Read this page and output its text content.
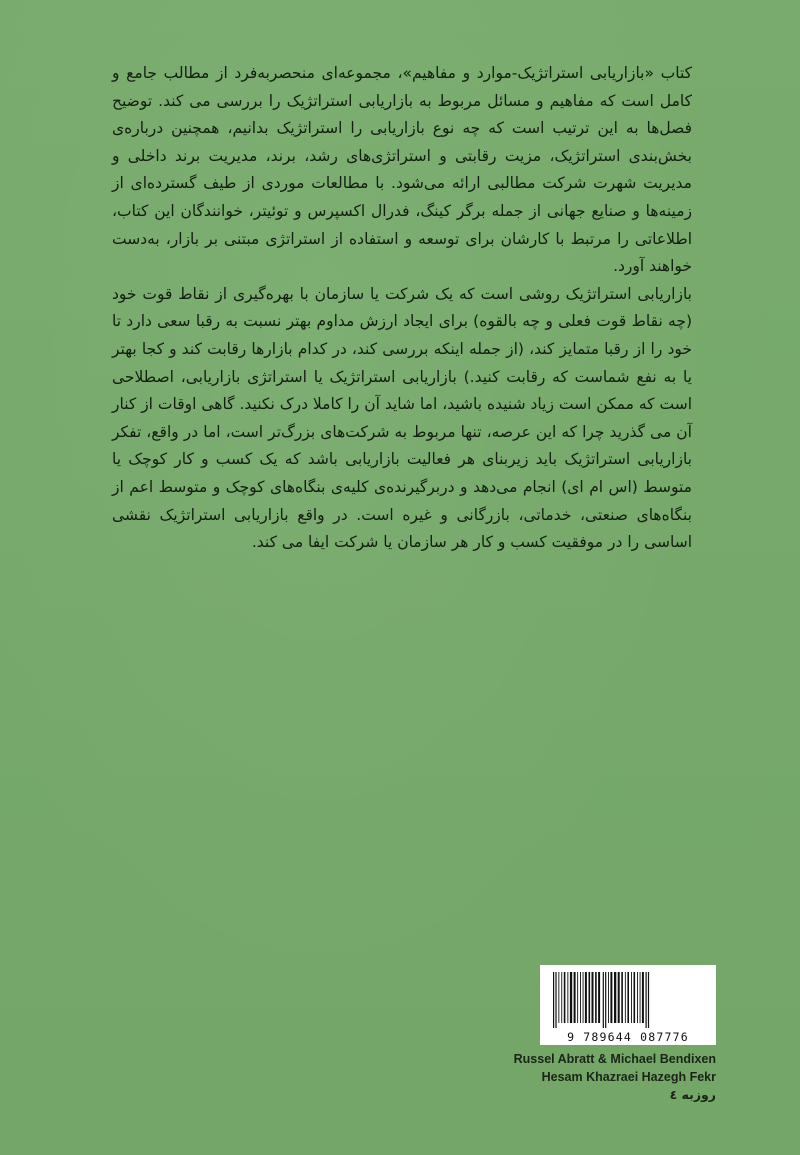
کتاب «بازاریابی استراتژیک-موارد و مفاهیم»، مجموعه‌ای منحصربه‌فرد از مطالب جامع و کامل است که مفاهیم و مسائل مربوط به بازاریابی استراتژیک را بررسی می کند. توضیح فصل‌ها به این ترتیب است که چه نوع بازاریابی را استراتژیک بدانیم، همچنین درباره‌ی بخش‌بندی استراتژیک، مزیت رقابتی و استراتژی‌های رشد، برند، مدیریت برند داخلی و مدیریت شهرت شرکت مطالبی ارائه می‌شود. با مطالعات موردی از طیف گسترده‌ای از زمینه‌ها و صنایع جهانی از جمله برگر کینگ، فدرال اکسپرس و توئیتر، خوانندگان این کتاب، اطلاعاتی را مرتبط با کارشان برای توسعه و استفاده از استراتژی مبتنی بر بازار، به‌دست خواهند آورد.

بازاریابی استراتژیک روشی است که یک شرکت یا سازمان با بهره‌گیری از نقاط قوت خود (چه نقاط قوت فعلی و چه بالقوه) برای ایجاد ارزش مداوم بهتر نسبت به رقبا سعی دارد تا خود را از رقبا متمایز کند، (از جمله اینکه بررسی کند، در کدام بازارها رقابت کند و کجا بهتر یا به نفع شماست که رقابت کنید.) بازاریابی استراتژیک یا استراتژی بازاریابی، اصطلاحی است که ممکن است زیاد شنیده باشید، اما شاید آن را کاملا درک نکنید. گاهی اوقات از کنار آن می گذرید چرا که این عرصه، تنها مربوط به شرکت‌های بزرگ‌تر است، اما در واقع، تفکر بازاریابی استراتژیک باید زیربنای هر فعالیت بازاریابی باشد که یک کسب و کار کوچک یا متوسط (اس ام ای) انجام می‌دهد و دربرگیرنده‌ی کلیه‌ی بنگاه‌های کوچک و متوسط اعم از بنگاه‌های صنعتی، خدماتی، بازرگانی و غیره است. در واقع بازاریابی استراتژیک نقشی اساسی را در موفقیت کسب و کار هر سازمان یا شرکت ایفا می کند.

9 789644 087776
Russel Abratt & Michael Bendixen
Hesam Khazraei Hazegh Fekr
روزبه ٤
